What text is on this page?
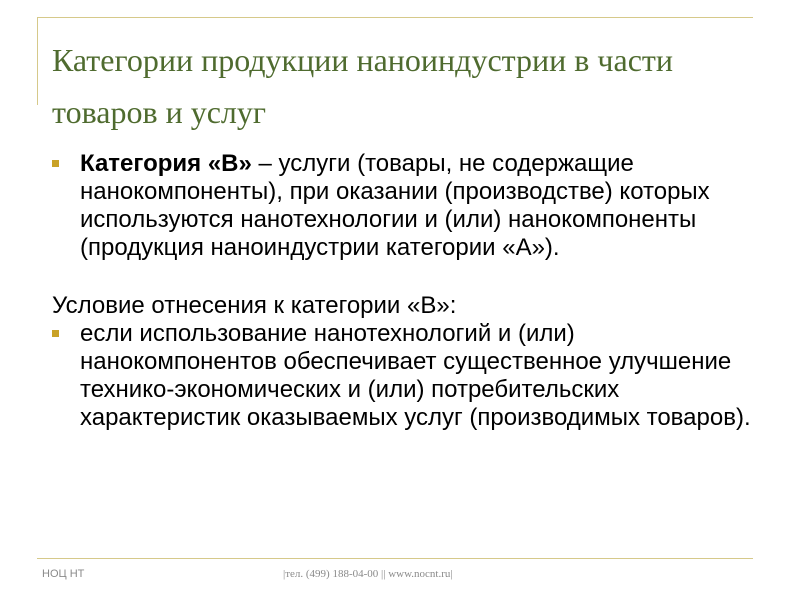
Категории продукции наноиндустрии в части товаров и услуг
Категория «В» – услуги (товары, не содержащие нанокомпоненты), при оказании (производстве) которых используются нанотехнологии и (или) нанокомпоненты (продукция наноиндустрии категории «А»).
Условие отнесения к категории «В»:
если использование нанотехнологий и (или) нанокомпонентов обеспечивает существенное улучшение технико-экономических и (или) потребительских характеристик оказываемых услуг (производимых товаров).
НОЦ НТ	|тел. (499) 188-04-00 || www.nocnt.ru|
